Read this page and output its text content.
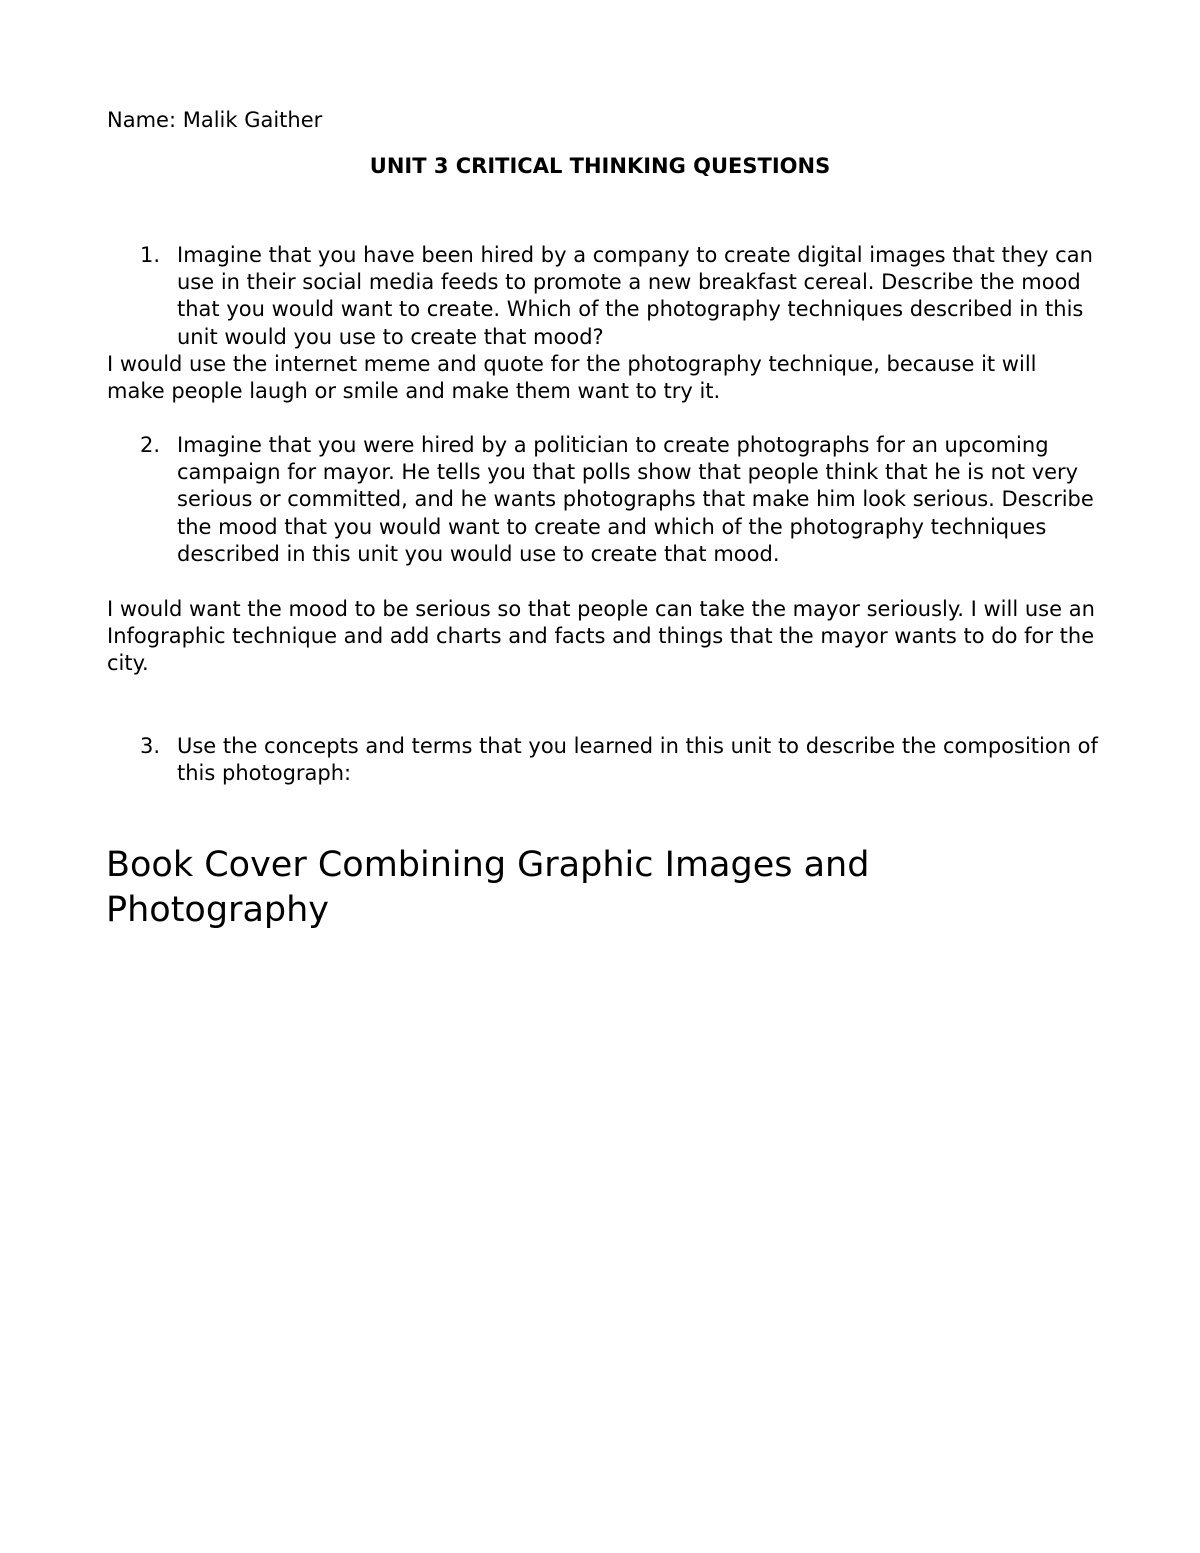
Name: Malik Gaither
UNIT 3 CRITICAL THINKING QUESTIONS
1. Imagine that you have been hired by a company to create digital images that they can use in their social media feeds to promote a new breakfast cereal. Describe the mood that you would want to create. Which of the photography techniques described in this unit would you use to create that mood?
I would use the internet meme and quote for the photography technique, because it will make people laugh or smile and make them want to try it.
2. Imagine that you were hired by a politician to create photographs for an upcoming campaign for mayor. He tells you that polls show that people think that he is not very serious or committed, and he wants photographs that make him look serious. Describe the mood that you would want to create and which of the photography techniques described in this unit you would use to create that mood.
I would want the mood to be serious so that people can take the mayor seriously. I will use an Infographic technique and add charts and facts and things that the mayor wants to do for the city.
3. Use the concepts and terms that you learned in this unit to describe the composition of this photograph:
Book Cover Combining Graphic Images and Photography
